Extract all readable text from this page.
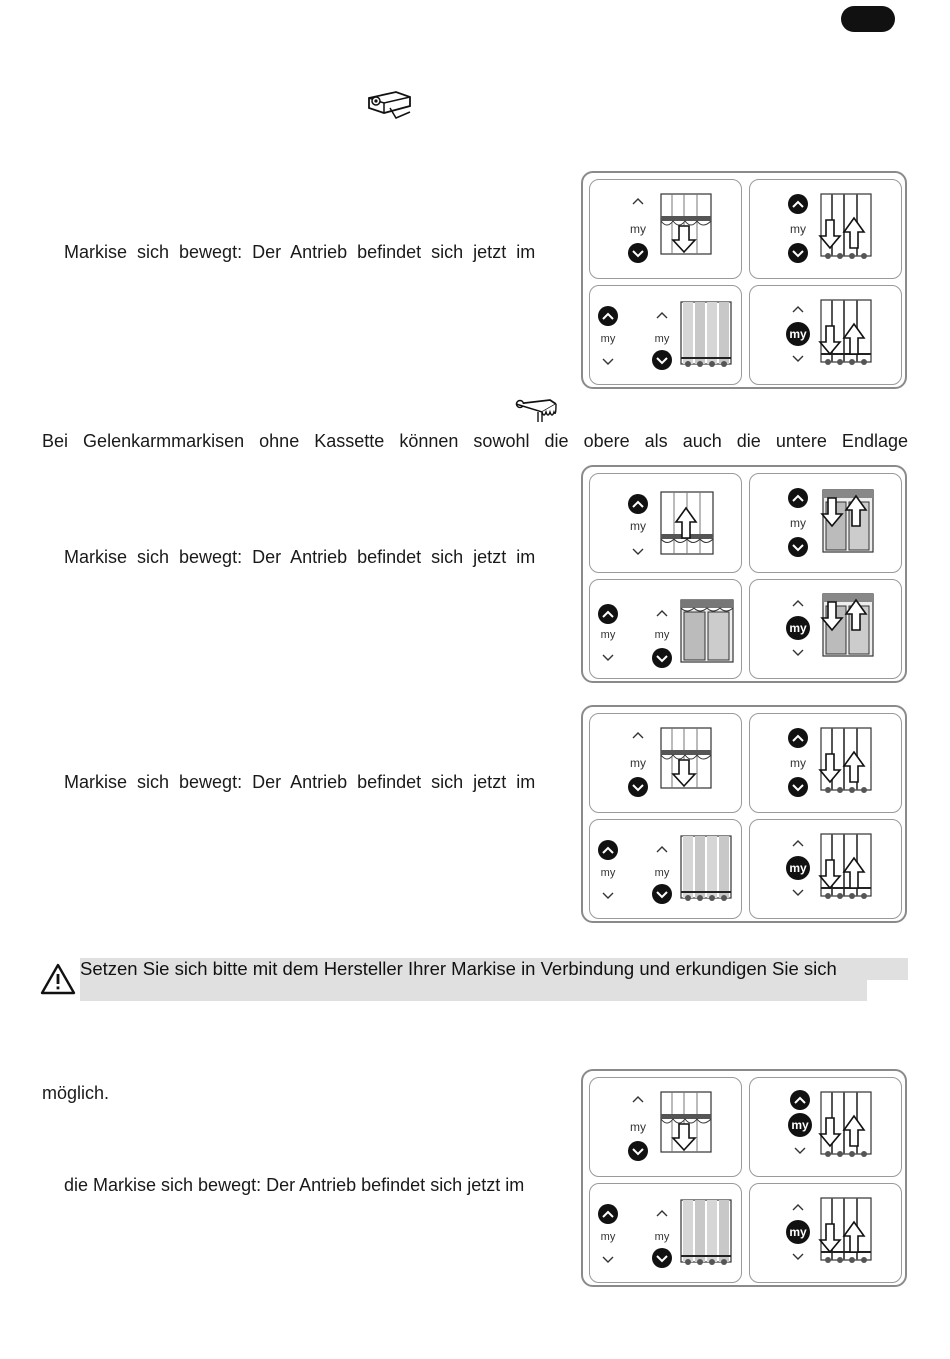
Markise sich bewegt: Der Antrieb befindet sich jetzt im
my	my
my	my	my
Bei Gelenkarmmarkisen ohne Kassette können sowohl die obere als auch die untere Endlage
Markise sich bewegt: Der Antrieb befindet sich jetzt im
my	my
my	my	my
Markise sich bewegt: Der Antrieb befindet sich jetzt im
my	my
my	my	my
Setzen Sie sich bitte mit dem Hersteller Ihrer Markise in Verbindung und erkundigen Sie sich
möglich.
die Markise sich bewegt: Der Antrieb befindet sich jetzt im
my	my
my	my	my
